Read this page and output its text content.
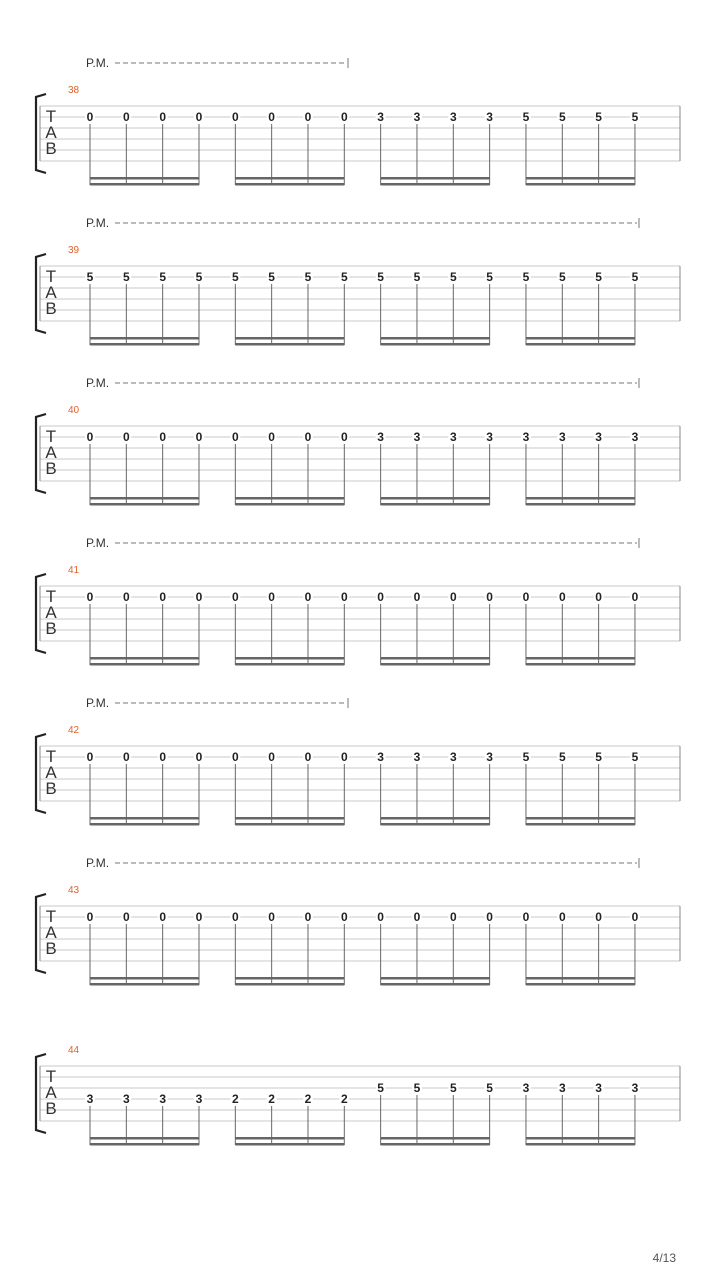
P.M.
38
T
A
B
0 0 0 0 0 0 0 0 3 3 3 3 5 5 5 5
P.M.
39
T
A
B
5 5 5 5 5 5 5 5 5 5 5 5 5 5 5 5
P.M.
40
T
A
B
0 0 0 0 0 0 0 0 3 3 3 3 3 3 3 3
P.M.
41
T
A
B
0 0 0 0 0 0 0 0 0 0 0 0 0 0 0 0
P.M.
42
T
A
B
0 0 0 0 0 0 0 0 3 3 3 3 5 5 5 5
P.M.
43
T
A
B
0 0 0 0 0 0 0 0 0 0 0 0 0 0 0 0
44
T
A
B 3 3 3 3 2 2 2 2
5 5 5 5 3 3 3 3
4/13
